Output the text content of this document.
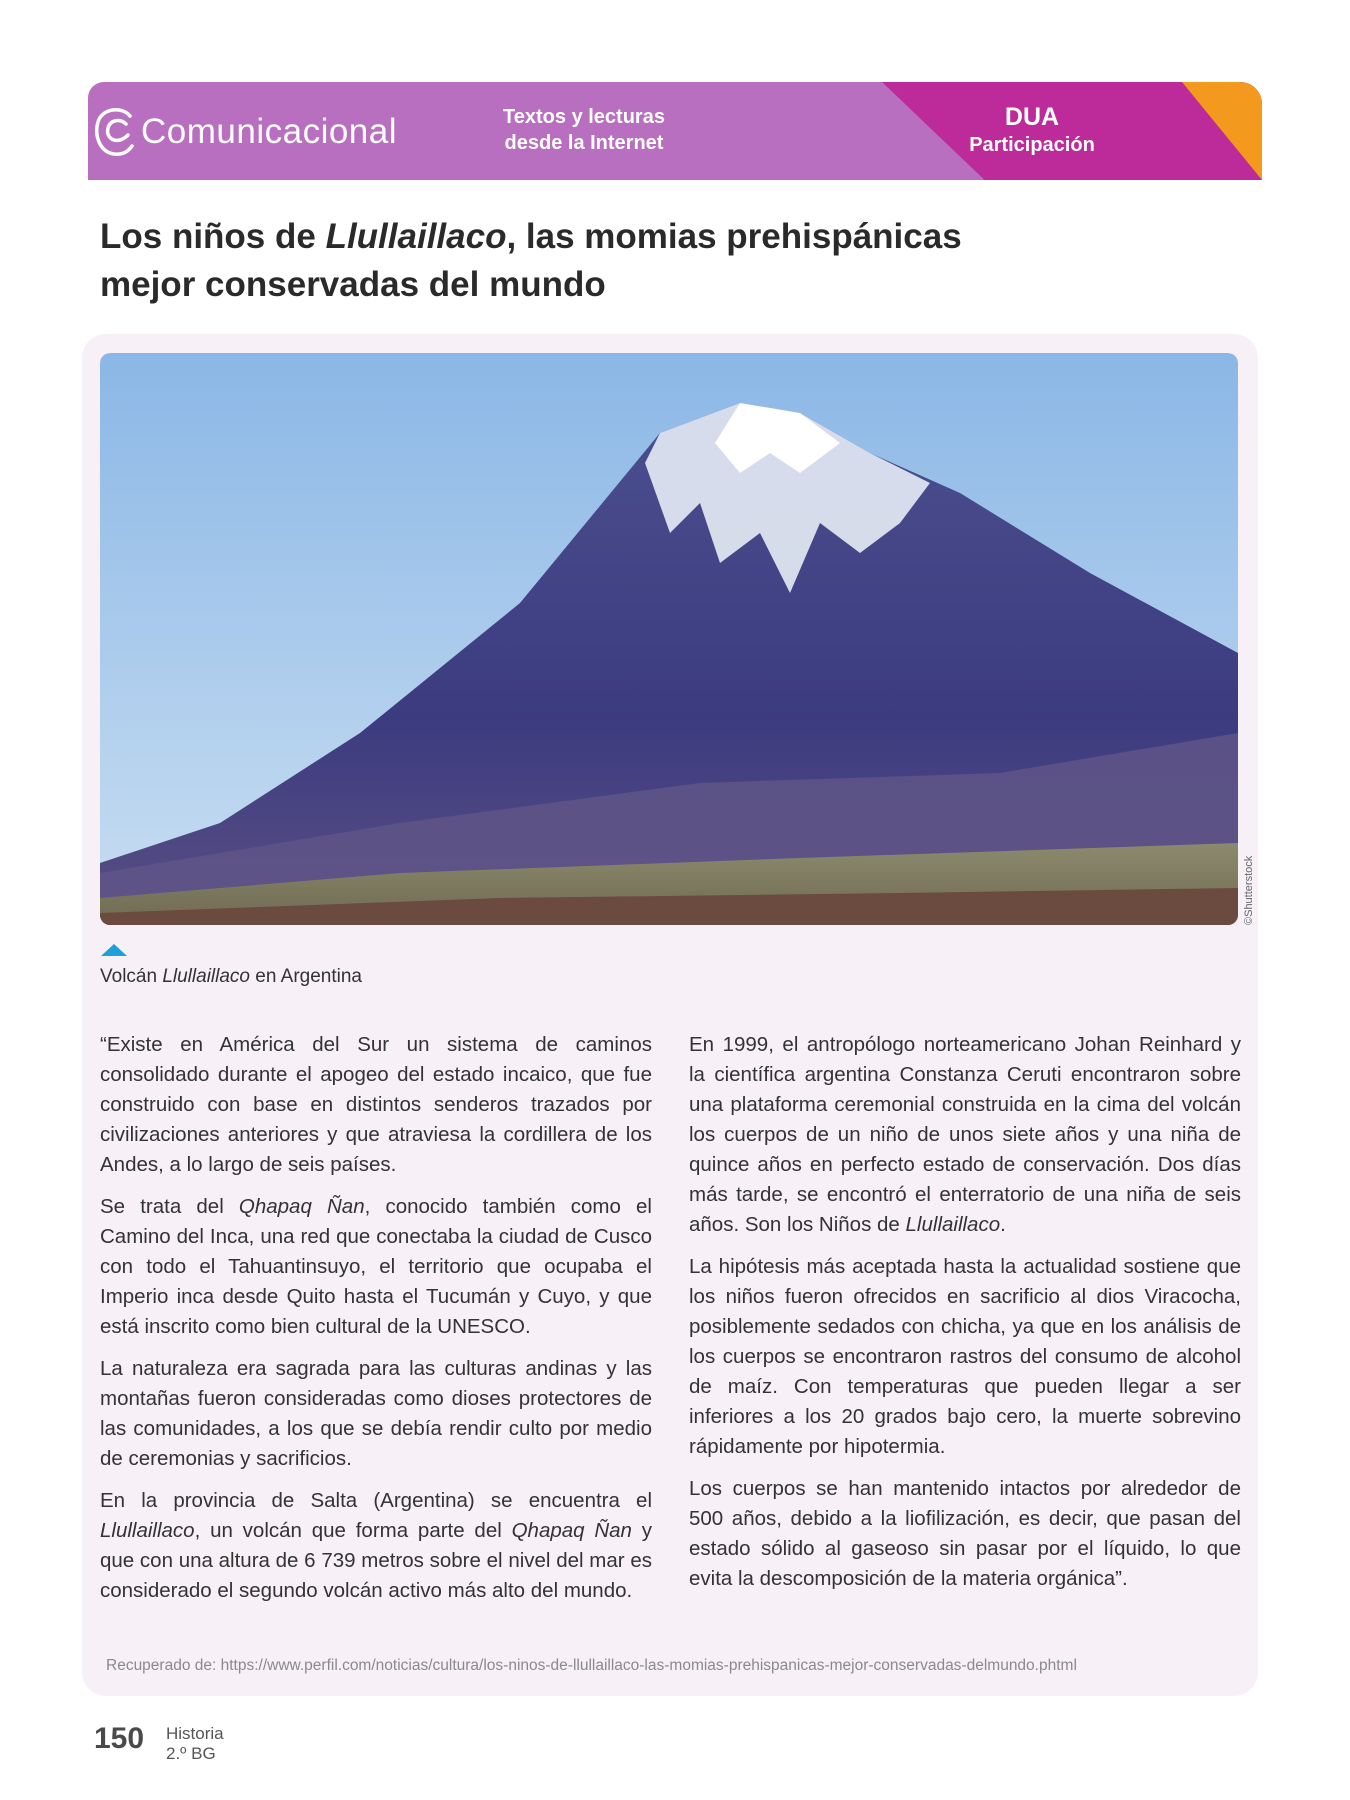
Comunicacional	Textos y lecturas
desde la Internet
DUA
Participación
Los niños de Llullaillaco, las momias prehispánicas
mejor conservadas del mundo
©Shutterstock
Volcán Llullaillaco en Argentina

“Existe en América del Sur un sistema de caminos consolidado durante el apogeo del estado incaico, que fue construido con base en distintos senderos trazados por civilizaciones anteriores y que atraviesa la cordillera de los Andes, a lo largo de seis países.

Se trata del Qhapaq Ñan, conocido también como el Camino del Inca, una red que conectaba la ciudad de Cusco con todo el Tahuantinsuyo, el territorio que ocupaba el Imperio inca desde Quito hasta el Tucumán y Cuyo, y que está inscrito como bien cultural de la UNESCO.

La naturaleza era sagrada para las culturas andinas y las montañas fueron consideradas como dioses protectores de las comunidades, a los que se debía rendir culto por medio de ceremonias y sacrificios.

En la provincia de Salta (Argentina) se encuentra el Llullaillaco, un volcán que forma parte del Qhapaq Ñan y que con una altura de 6 739 metros sobre el nivel del mar es considerado el segundo volcán activo más alto del mundo.

En 1999, el antropólogo norteamericano Johan Reinhard y la científica argentina Constanza Ceruti encontraron sobre una plataforma ceremonial construida en la cima del volcán los cuerpos de un niño de unos siete años y una niña de quince años en perfecto estado de conservación. Dos días más tarde, se encontró el enterratorio de una niña de seis años. Son los Niños de Llullaillaco.

La hipótesis más aceptada hasta la actualidad sostiene que los niños fueron ofrecidos en sacrificio al dios Viracocha, posiblemente sedados con chicha, ya que en los análisis de los cuerpos se encontraron rastros del consumo de alcohol de maíz. Con temperaturas que pueden llegar a ser inferiores a los 20 grados bajo cero, la muerte sobrevino rápidamente por hipotermia.

Los cuerpos se han mantenido intactos por alrededor de 500 años, debido a la liofilización, es decir, que pasan del estado sólido al gaseoso sin pasar por el líquido, lo que evita la descomposición de la materia orgánica”.

Recuperado de: https://www.perfil.com/noticias/cultura/los-ninos-de-llullaillaco-las-momias-prehispanicas-mejor-conservadas-delmundo.phtml
150 Historia
2.º BG
